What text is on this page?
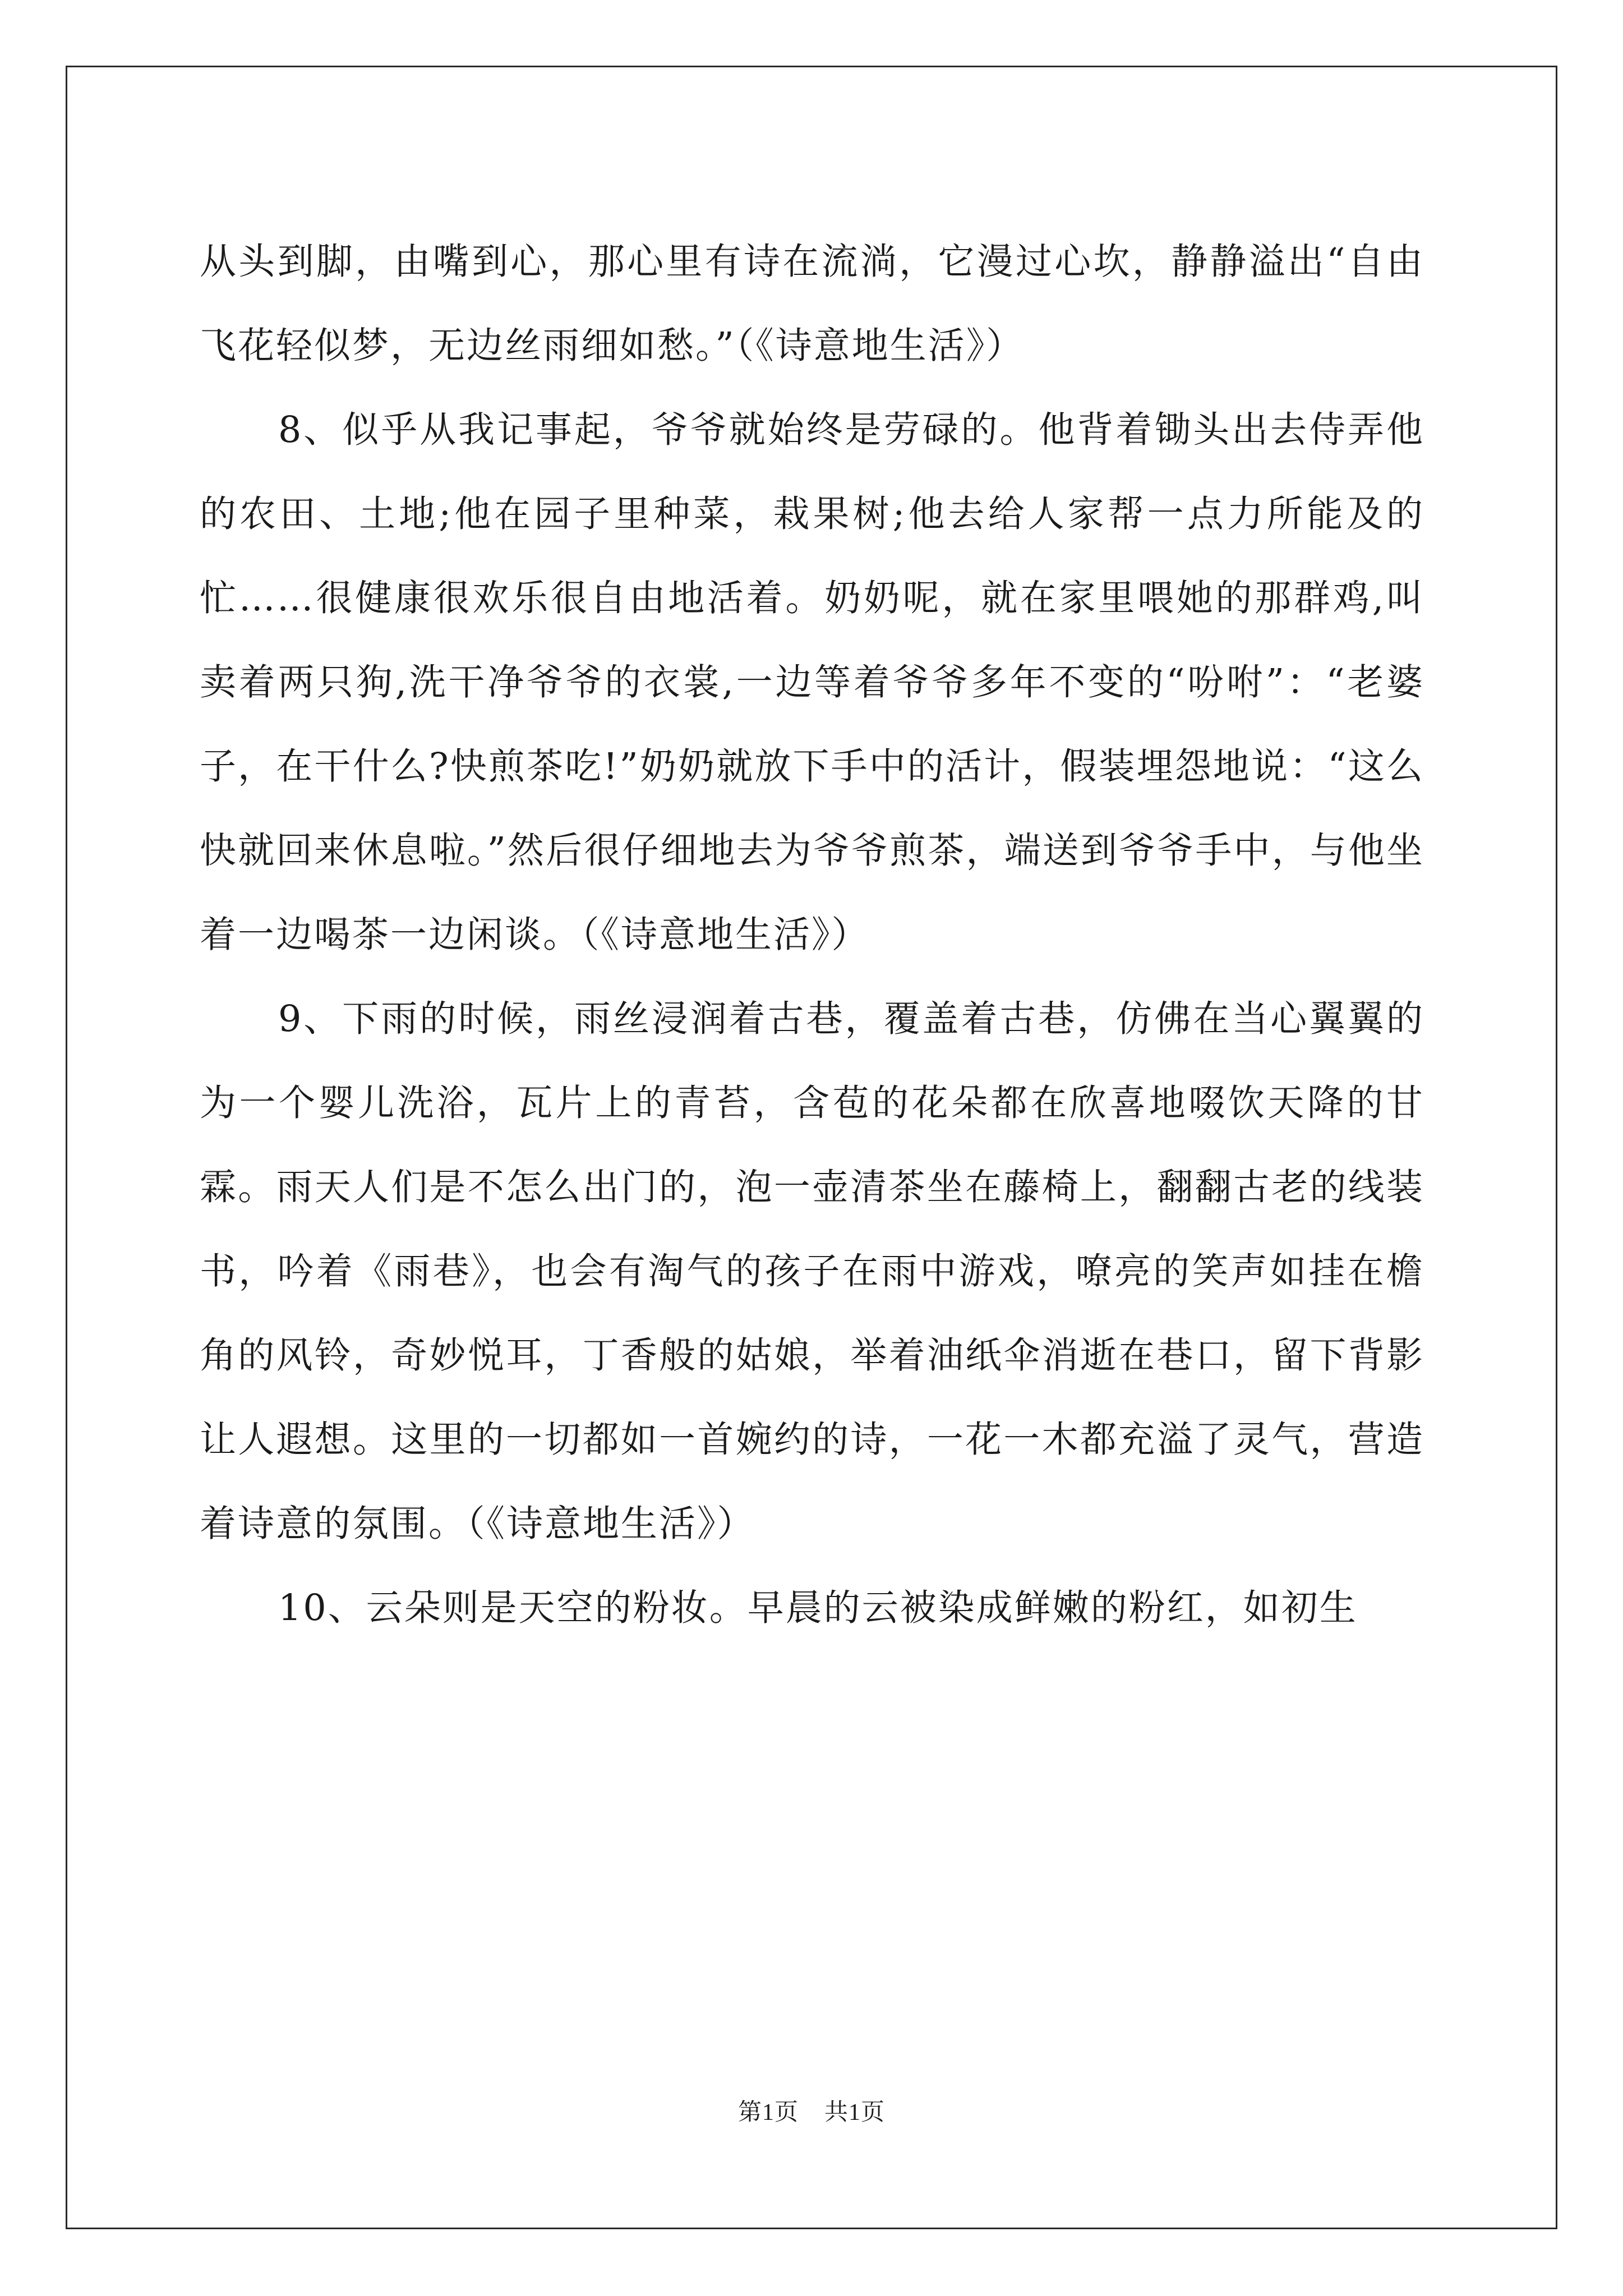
从头到脚，由嘴到心，那心里有诗在流淌，它漫过心坎，静静溢出“自由飞花轻似梦，无边丝雨细如愁。”（《诗意地生活》）

8、似乎从我记事起，爷爷就始终是劳碌的。他背着锄头出去侍弄他的农田、土地;他在园子里种菜，栽果树;他去给人家帮一点力所能及的忙……很健康很欢乐很自由地活着。奶奶呢，就在家里喂她的那群鸡,叫卖着两只狗,洗干净爷爷的衣裳,一边等着爷爷多年不变的“吩咐”：“老婆子，在干什么?快煎茶吃!”奶奶就放下手中的活计，假装埋怨地说：“这么快就回来休息啦。”然后很仔细地去为爷爷煎茶，端送到爷爷手中，与他坐着一边喝茶一边闲谈。（《诗意地生活》）

9、下雨的时候，雨丝浸润着古巷，覆盖着古巷，仿佛在当心翼翼的为一个婴儿洗浴，瓦片上的青苔，含苞的花朵都在欣喜地啜饮天降的甘霖。雨天人们是不怎么出门的，泡一壶清茶坐在藤椅上，翻翻古老的线装书，吟着《雨巷》，也会有淘气的孩子在雨中游戏，嘹亮的笑声如挂在檐角的风铃，奇妙悦耳，丁香般的姑娘，举着油纸伞消逝在巷口，留下背影让人遐想。这里的一切都如一首婉约的诗，一花一木都充溢了灵气，营造着诗意的氛围。（《诗意地生活》）

10、云朵则是天空的粉妆。早晨的云被染成鲜嫩的粉红，如初生

第1页 共1页
